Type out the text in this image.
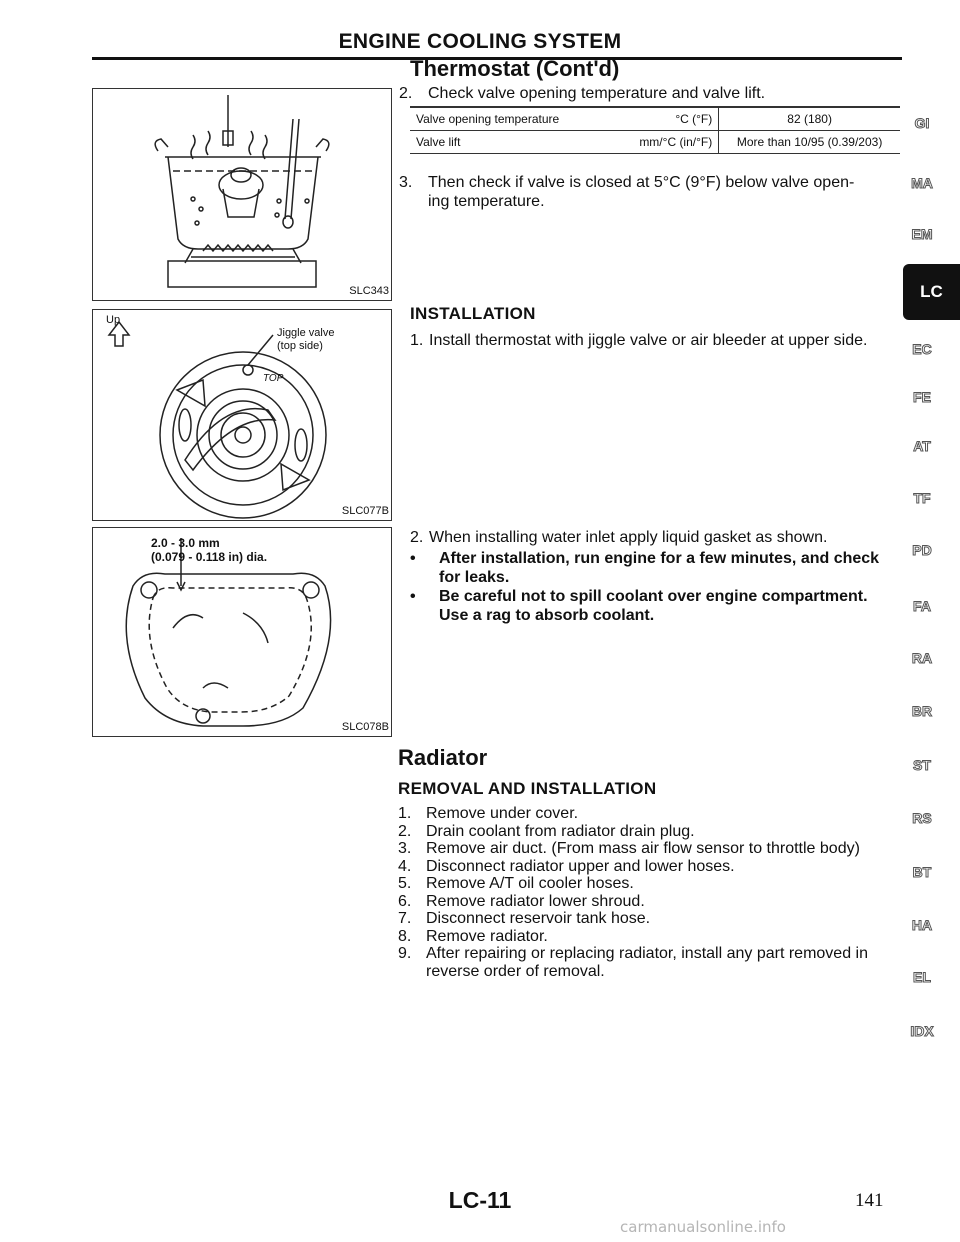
ENGINE COOLING SYSTEM
Thermostat (Cont'd)
2. Check valve opening temperature and valve lift.
Valve opening temperature	°C (°F)	82 (180)
Valve lift	mm/°C (in/°F)	More than 10/95 (0.39/203)
3. Then check if valve is closed at 5°C (9°F) below valve open-
ing temperature.
INSTALLATION
1. Install thermostat with jiggle valve or air bleeder at upper side.
2. When installing water inlet apply liquid gasket as shown.
• After installation, run engine for a few minutes, and check
for leaks.
• Be careful not to spill coolant over engine compartment.
Use a rag to absorb coolant.
Radiator
REMOVAL AND INSTALLATION
1. Remove under cover.
2. Drain coolant from radiator drain plug.
3. Remove air duct. (From mass air flow sensor to throttle body)
4. Disconnect radiator upper and lower hoses.
5. Remove A/T oil cooler hoses.
6. Remove radiator lower shroud.
7. Disconnect reservoir tank hose.
8. Remove radiator.
9. After repairing or replacing radiator, install any part removed in
reverse order of removal.
SLC343
Up
Jiggle valve
(top side)
TOP
SLC077B
2.0 - 3.0 mm
(0.079 - 0.118 in) dia.
SLC078B
GI
MA
EM
LC
EC
FE
AT
TF
PD
FA
RA
BR
ST
RS
BT
HA
EL
IDX
LC-11	141
carmanualsonline.info
